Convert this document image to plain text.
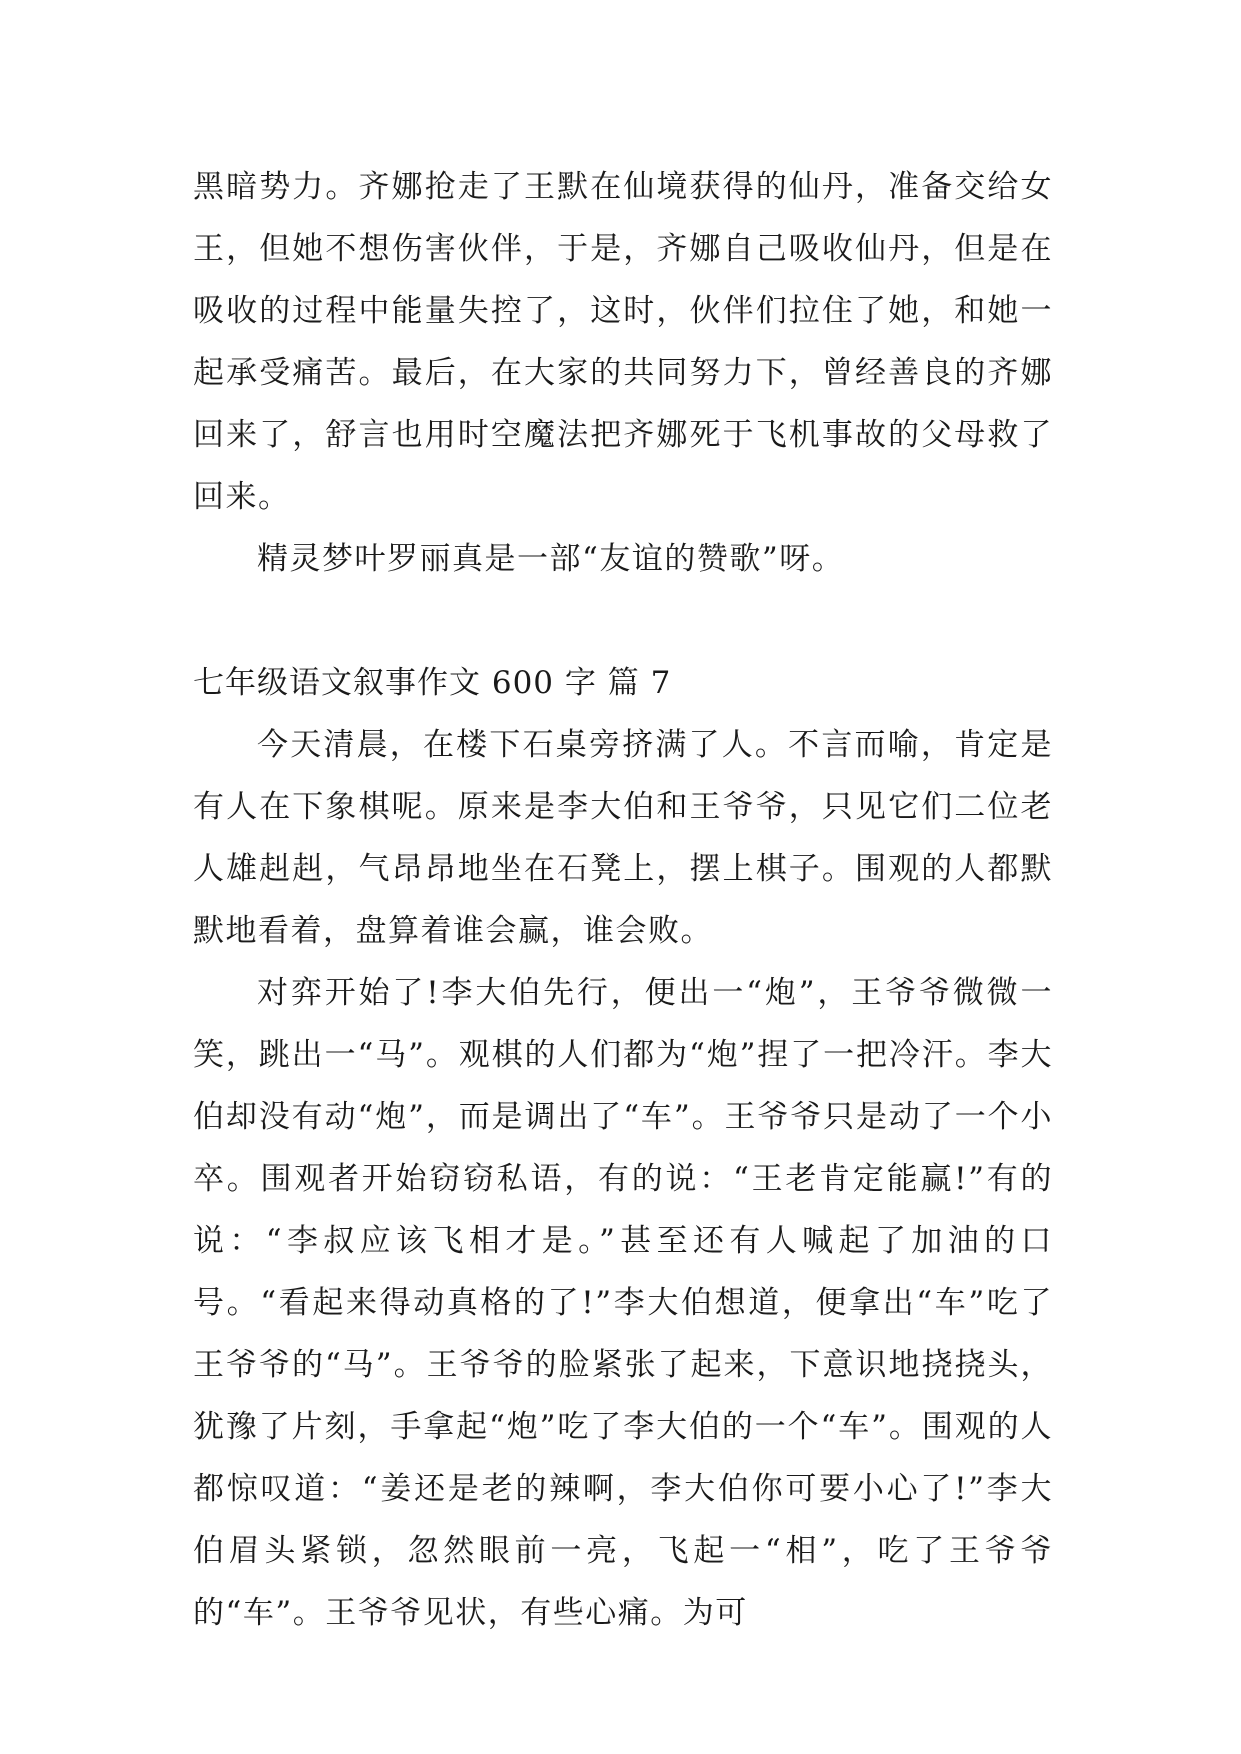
黑暗势力。齐娜抢走了王默在仙境获得的仙丹，准备交给女王，但她不想伤害伙伴，于是，齐娜自己吸收仙丹，但是在吸收的过程中能量失控了，这时，伙伴们拉住了她，和她一起承受痛苦。最后，在大家的共同努力下，曾经善良的齐娜回来了，舒言也用时空魔法把齐娜死于飞机事故的父母救了回来。

精灵梦叶罗丽真是一部“友谊的赞歌”呀。

七年级语文叙事作文 600 字 篇 7

今天清晨，在楼下石桌旁挤满了人。不言而喻，肯定是有人在下象棋呢。原来是李大伯和王爷爷，只见它们二位老人雄赳赳，气昂昂地坐在石凳上，摆上棋子。围观的人都默默地看着，盘算着谁会赢，谁会败。

对弈开始了!李大伯先行，便出一“炮”，王爷爷微微一笑，跳出一“马”。观棋的人们都为“炮”捏了一把冷汗。李大伯却没有动“炮”，而是调出了“车”。王爷爷只是动了一个小卒。围观者开始窃窃私语，有的说：“王老肯定能赢!”有的说：“李叔应该飞相才是。”甚至还有人喊起了加油的口号。“看起来得动真格的了!”李大伯想道，便拿出“车”吃了王爷爷的“马”。王爷爷的脸紧张了起来，下意识地挠挠头，犹豫了片刻，手拿起“炮”吃了李大伯的一个“车”。围观的人都惊叹道：“姜还是老的辣啊，李大伯你可要小心了!”李大伯眉头紧锁，忽然眼前一亮，飞起一“相”，吃了王爷爷的“车”。王爷爷见状，有些心痛。为可
